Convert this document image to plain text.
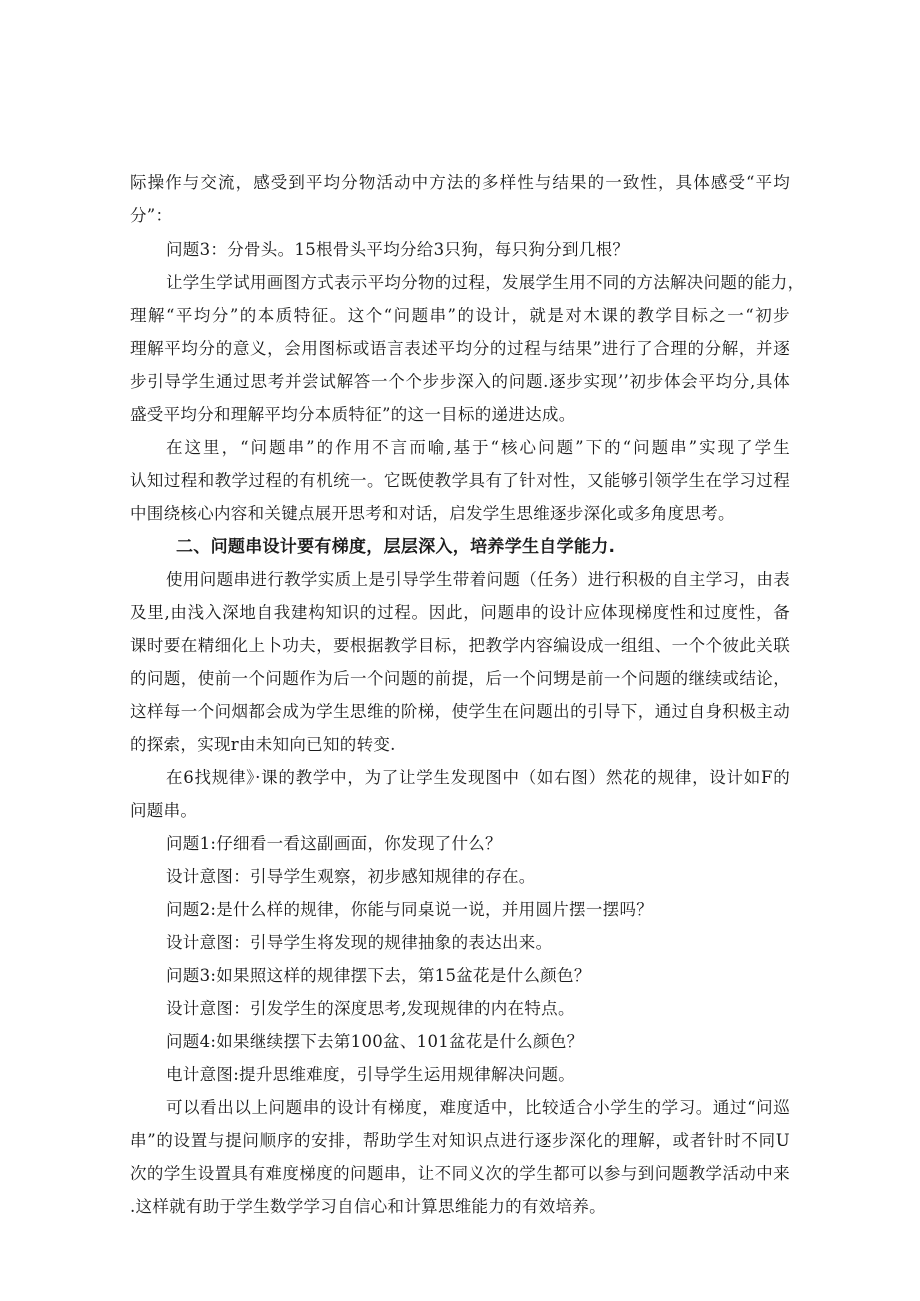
际操作与交流，感受到平均分物活动中方法的多样性与结果的一致性，具体感受“平均
分”：
问题3：分骨头。15根骨头平均分给3只狗，每只狗分到几根？
让学生学试用画图方式表示平均分物的过程，发展学生用不同的方法解决问题的能力，
理解“平均分”的本质特征。这个“问题串”的设计，就是对木课的教学目标之一“初步
理解平均分的意义，会用图标或语言表述平均分的过程与结果”进行了合理的分解，并逐
步引导学生通过思考并尝试解答一个个步步深入的问题.逐步实现’’初步体会平均分,具体
盛受平均分和理解平均分本质特征”的这一目标的递进达成。
在这里，“问题串”的作用不言而喻,基于“核心问题”下的“问题串”实现了学生
认知过程和教学过程的有机统一。它既使教学具有了针对性，又能够引领学生在学习过程
中围绕核心内容和关键点展开思考和对话，启发学生思维逐步深化或多角度思考。
二、问题串设计要有梯度，层层深入，培养学生自学能力.
使用问题串进行教学实质上是引导学生带着问题（任务）进行积极的自主学习，由表
及里,由浅入深地自我建构知识的过程。因此，问题串的设计应体现梯度性和过度性，备
课时要在精细化上卜功夫，要根据教学目标，把教学内容编设成一组组、一个个彼此关联
的问题，使前一个问题作为后一个问题的前提，后一个问甥是前一个问题的继续或结论，
这样每一个问烟都会成为学生思维的阶梯，使学生在问题出的引导下，通过自身积极主动
的探索，实现r由未知向已知的转变.
在6找规律》·课的教学中，为了让学生发现图中（如右图）然花的规律，设计如F的
问题串。
问题1:仔细看一看这副画面，你发现了什么？
设计意图：引导学生观察，初步感知规律的存在。
问题2:是什么样的规律，你能与同桌说一说，并用圆片摆一摆吗？
设计意图：引导学生将发现的规律抽象的表达出来。
问题3:如果照这样的规律摆下去，第15盆花是什么颜色？
设计意图：引发学生的深度思考,发现规律的内在特点。
问题4:如果继续摆下去第100盆、101盆花是什么颜色？
电计意图:提升思维难度，引导学生运用规律解决问题。
可以看出以上问题串的设计有梯度，难度适中，比较适合小学生的学习。通过“问巡
串”的设置与提问顺序的安排，帮助学生对知识点进行逐步深化的理解，或者针时不同U
次的学生设置具有难度梯度的问题串，让不同义次的学生都可以参与到问题教学活动中来
.这样就有助于学生数学学习自信心和计算思维能力的有效培养。
